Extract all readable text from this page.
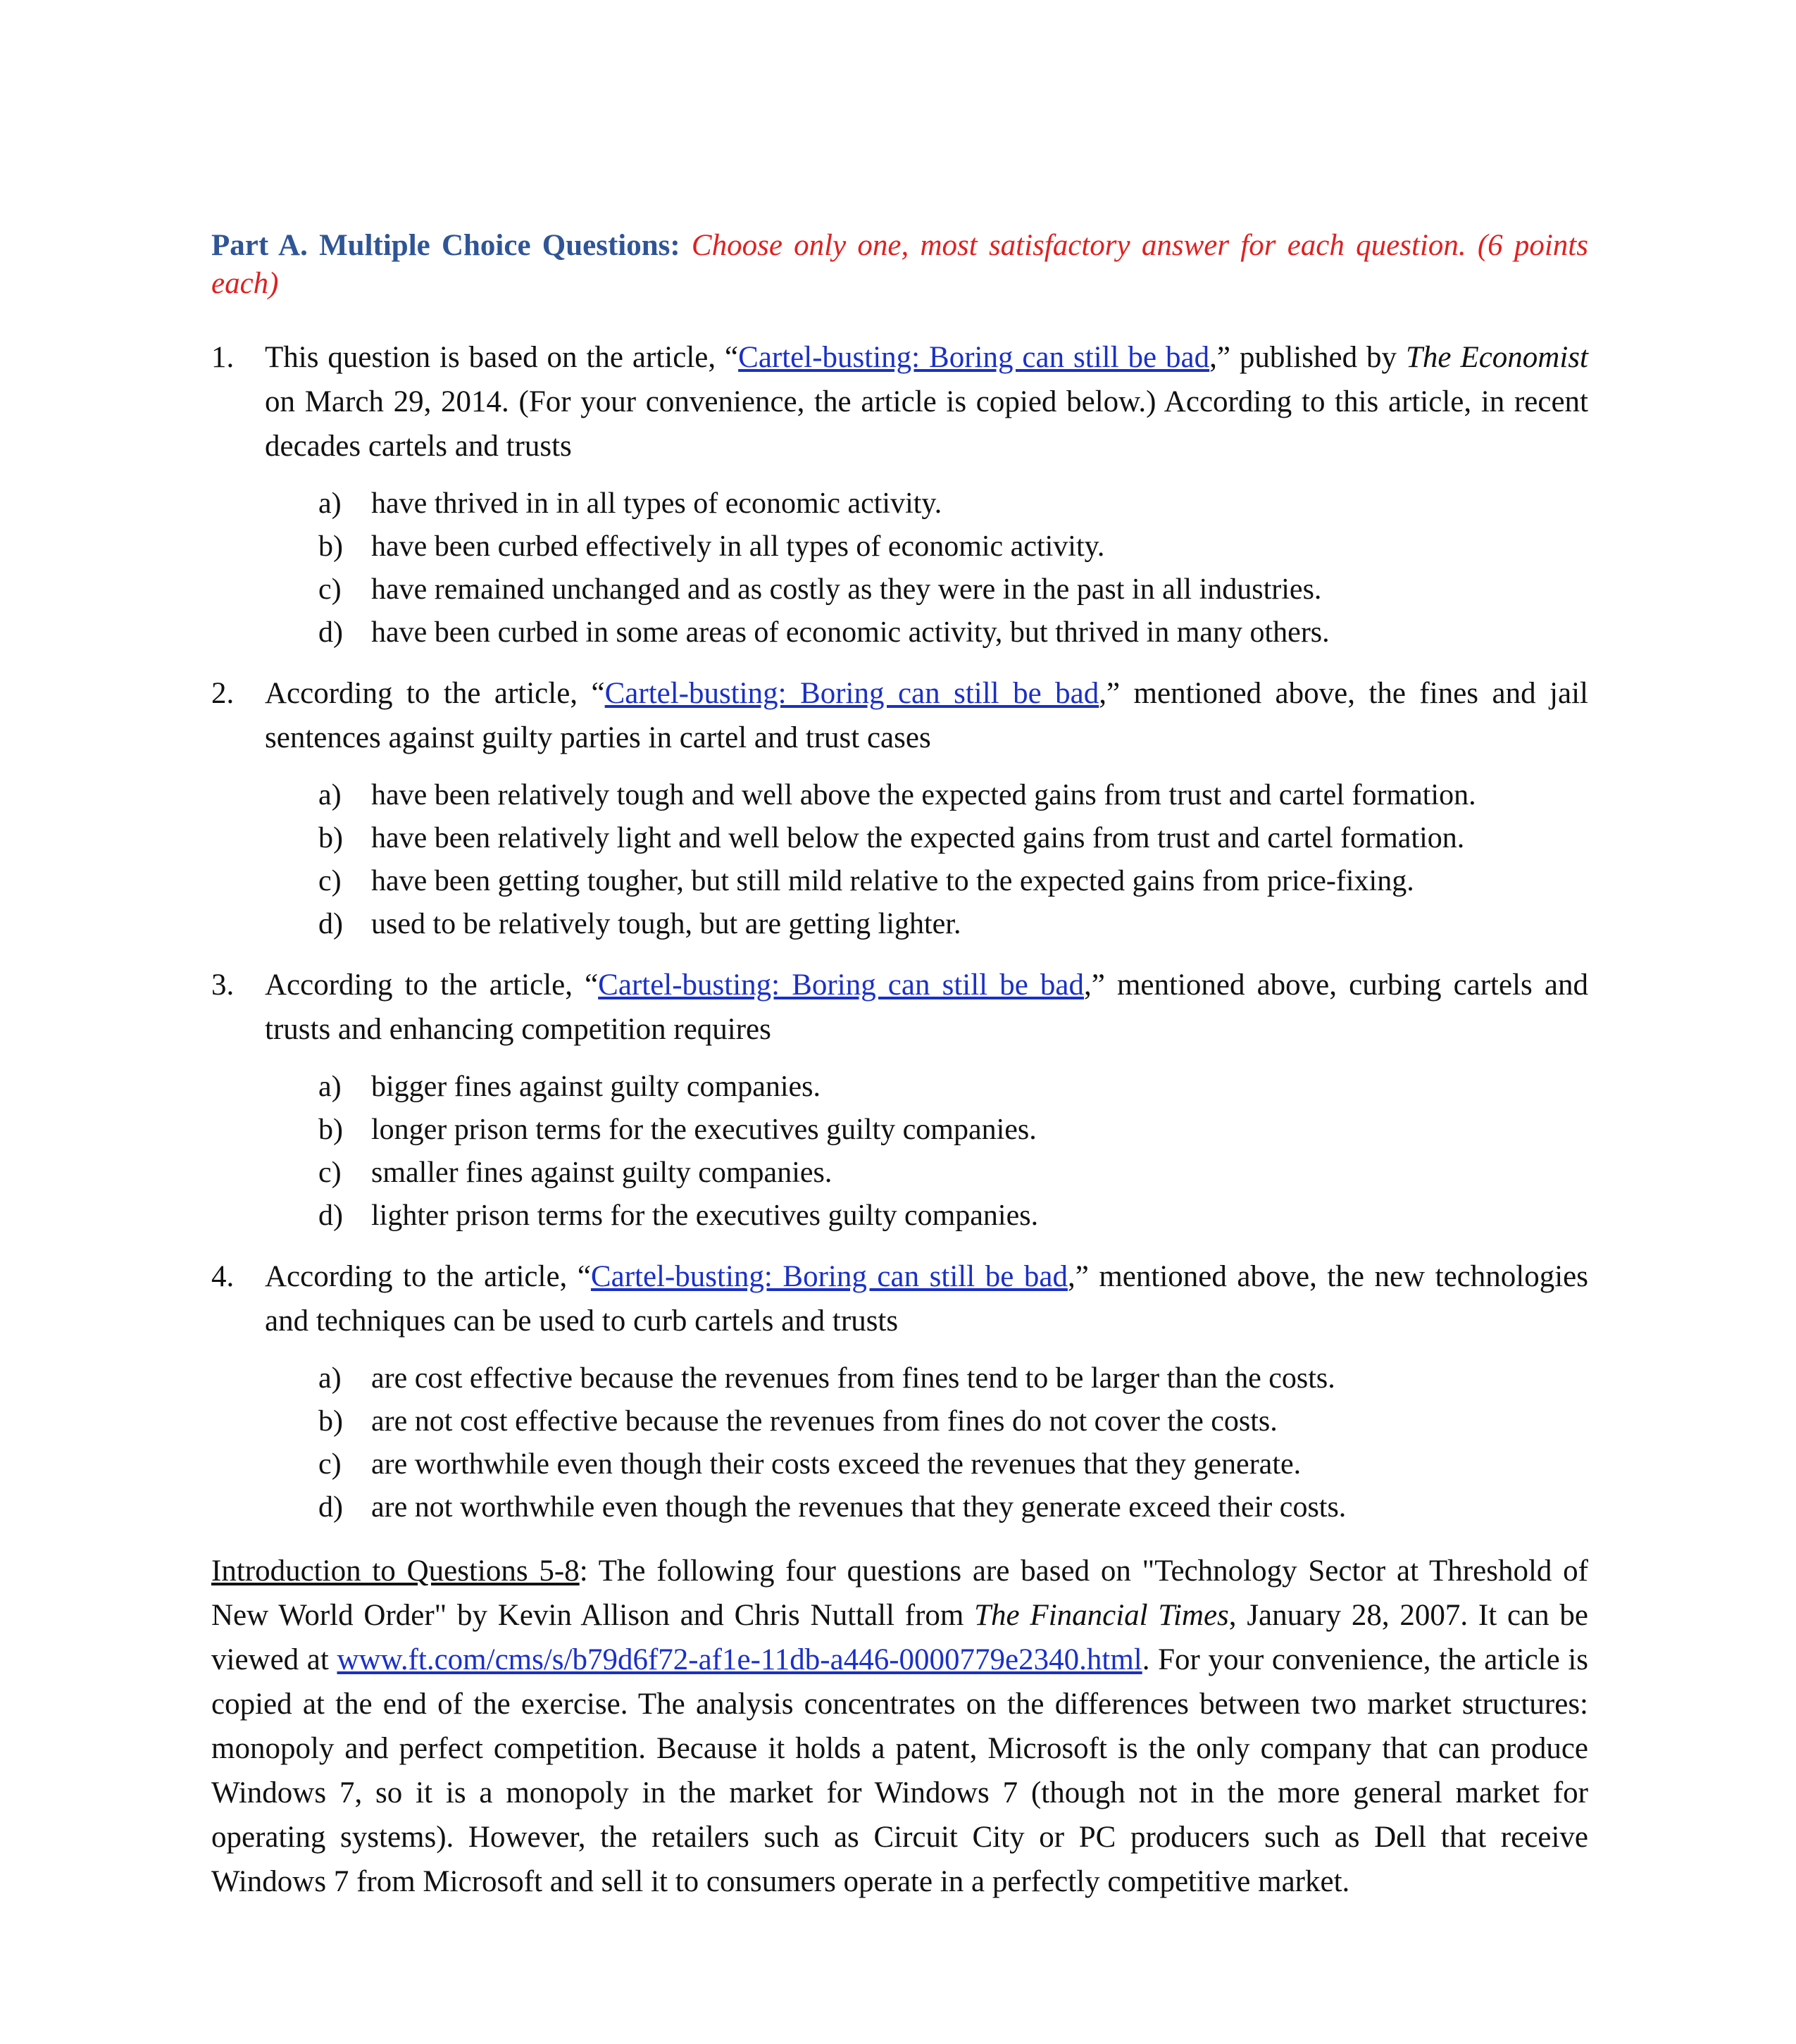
Part A. Multiple Choice Questions: Choose only one, most satisfactory answer for each question. (6 points each)

1. This question is based on the article, “Cartel-busting: Boring can still be bad,” published by The Economist on March 29, 2014. (For your convenience, the article is copied below.) According to this article, in recent decades cartels and trusts
a) have thrived in in all types of economic activity.
b) have been curbed effectively in all types of economic activity.
c) have remained unchanged and as costly as they were in the past in all industries.
d) have been curbed in some areas of economic activity, but thrived in many others.
2. According to the article, “Cartel-busting: Boring can still be bad,” mentioned above, the fines and jail sentences against guilty parties in cartel and trust cases
a) have been relatively tough and well above the expected gains from trust and cartel formation.
b) have been relatively light and well below the expected gains from trust and cartel formation.
c) have been getting tougher, but still mild relative to the expected gains from price-fixing.
d) used to be relatively tough, but are getting lighter.
3. According to the article, “Cartel-busting: Boring can still be bad,” mentioned above, curbing cartels and trusts and enhancing competition requires
a) bigger fines against guilty companies.
b) longer prison terms for the executives guilty companies.
c) smaller fines against guilty companies.
d) lighter prison terms for the executives guilty companies.
4. According to the article, “Cartel-busting: Boring can still be bad,” mentioned above, the new technologies and techniques can be used to curb cartels and trusts
a) are cost effective because the revenues from fines tend to be larger than the costs.
b) are not cost effective because the revenues from fines do not cover the costs.
c) are worthwhile even though their costs exceed the revenues that they generate.
d) are not worthwhile even though the revenues that they generate exceed their costs.

Introduction to Questions 5-8: The following four questions are based on "Technology Sector at Threshold of New World Order" by Kevin Allison and Chris Nuttall from The Financial Times, January 28, 2007. It can be viewed at www.ft.com/cms/s/b79d6f72-af1e-11db-a446-0000779e2340.html. For your convenience, the article is copied at the end of the exercise. The analysis concentrates on the differences between two market structures: monopoly and perfect competition. Because it holds a patent, Microsoft is the only company that can produce Windows 7, so it is a monopoly in the market for Windows 7 (though not in the more general market for operating systems). However, the retailers such as Circuit City or PC producers such as Dell that receive Windows 7 from Microsoft and sell it to consumers operate in a perfectly competitive market.
